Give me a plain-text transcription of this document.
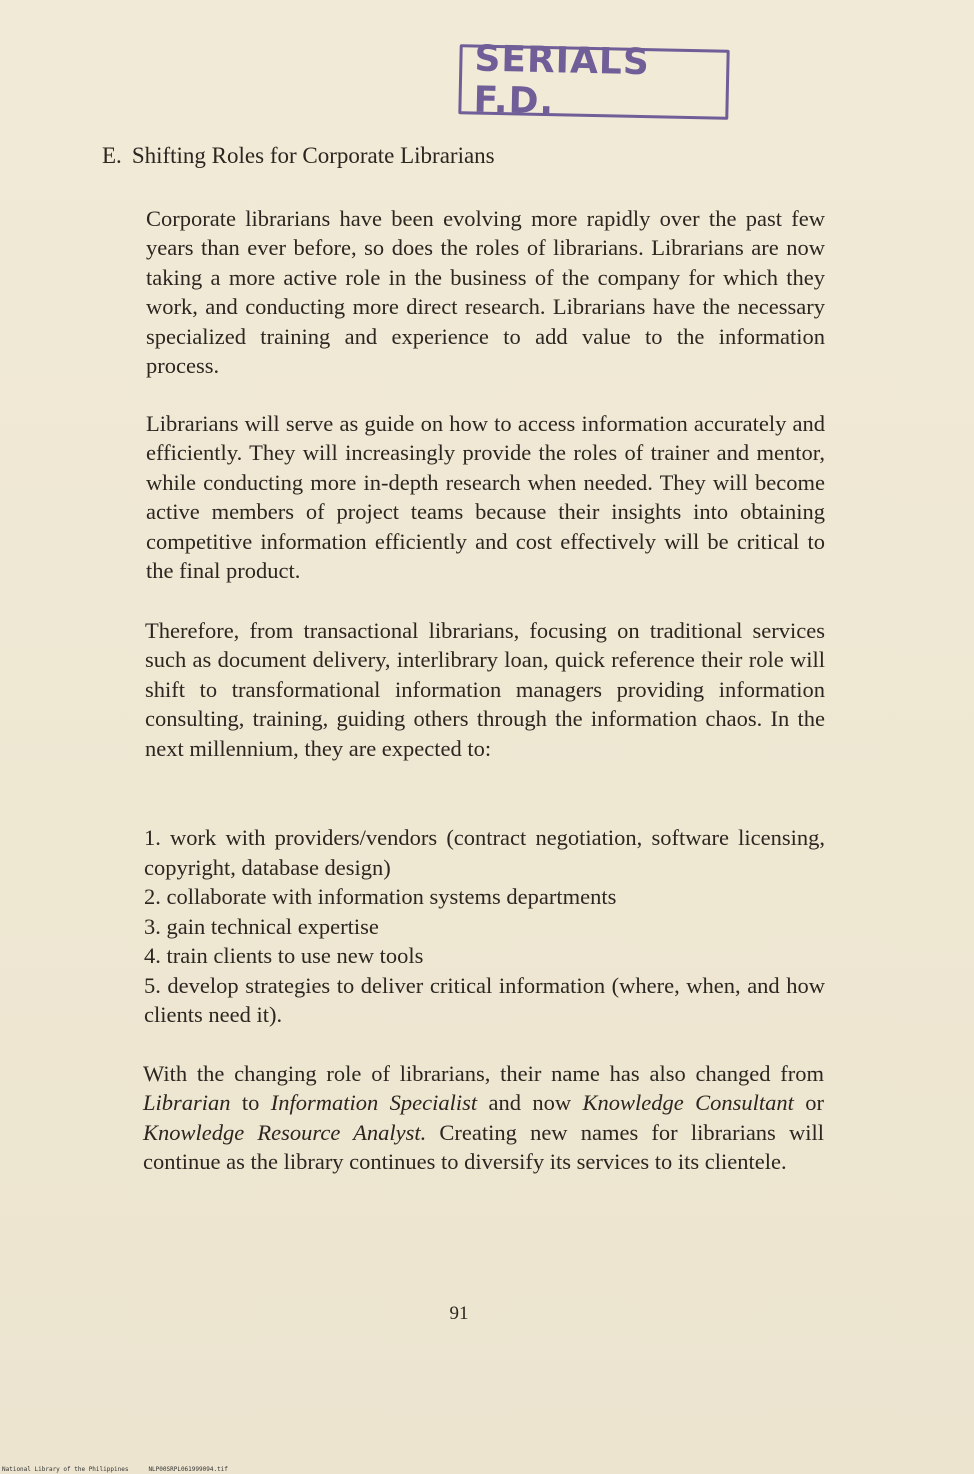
SERIALS F.D.
E. Shifting Roles for Corporate Librarians

Corporate librarians have been evolving more rapidly over the past few years than ever before, so does the roles of librarians. Librarians are now taking a more active role in the business of the company for which they work, and conducting more direct research. Librarians have the necessary specialized training and experience to add value to the information process.

Librarians will serve as guide on how to access information accurately and efficiently. They will increasingly provide the roles of trainer and mentor, while conducting more in-depth research when needed. They will become active members of project teams because their insights into obtaining competitive information efficiently and cost effectively will be critical to the final product.

Therefore, from transactional librarians, focusing on traditional services such as document delivery, interlibrary loan, quick reference their role will shift to transformational information managers providing information consulting, training, guiding others through the information chaos. In the next millennium, they are expected to:

1. work with providers/vendors (contract negotiation, software licensing, copyright, database design)
2. collaborate with information systems departments
3. gain technical expertise
4. train clients to use new tools
5. develop strategies to deliver critical information (where, when, and how clients need it).

With the changing role of librarians, their name has also changed from Librarian to Information Specialist and now Knowledge Consultant or Knowledge Resource Analyst. Creating new names for librarians will continue as the library continues to diversify its services to its clientele.

91
National Library of the Philippines	NLP00SRPL061999094.tif
